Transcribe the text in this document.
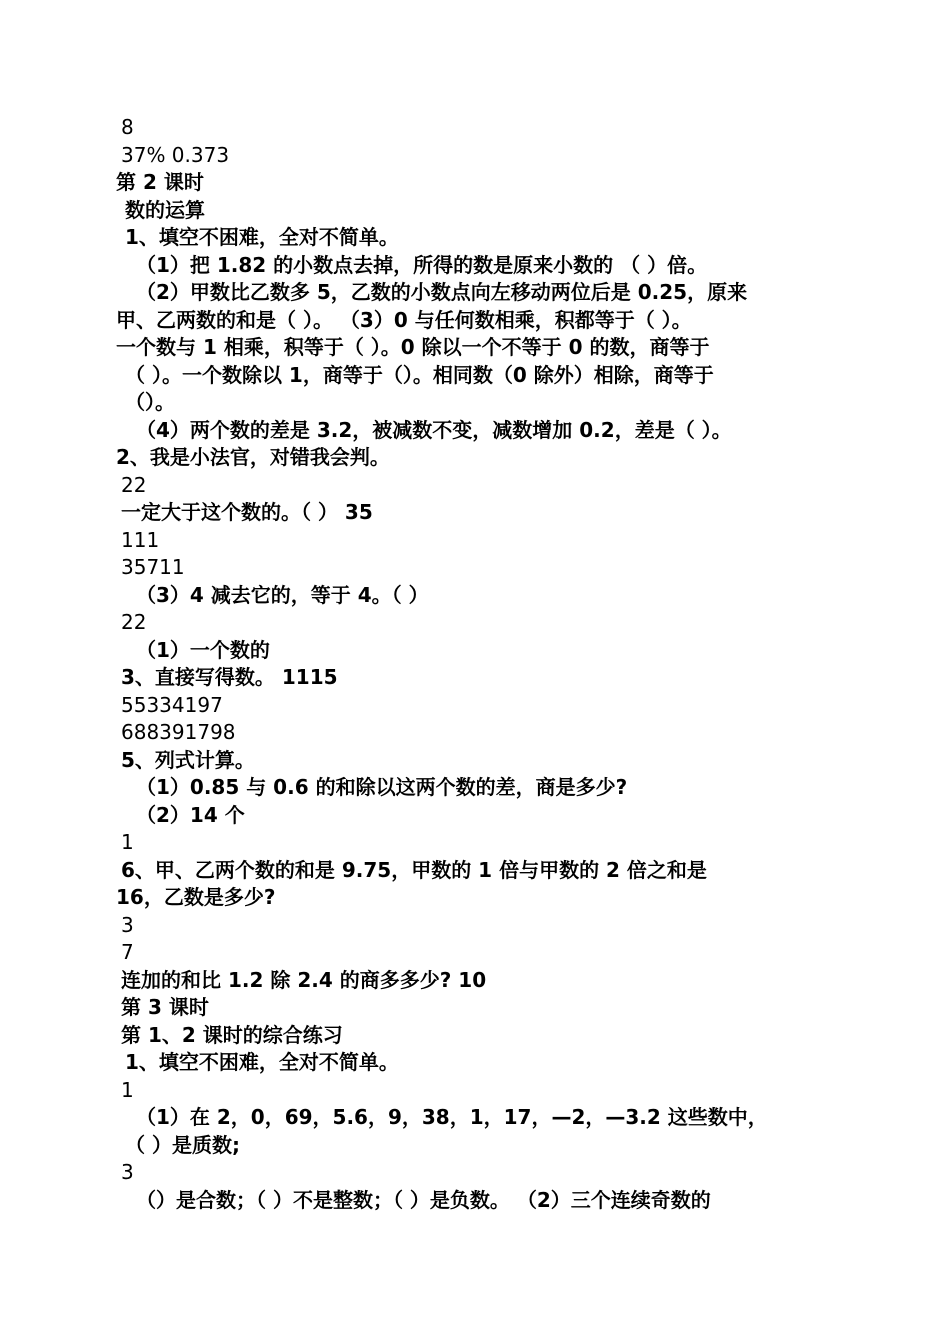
8
37% 0.373
第 2 课时
数的运算
1、填空不困难，全对不简单。
（1）把 1.82 的小数点去掉，所得的数是原来小数的 （ ）倍。
（2）甲数比乙数多 5，乙数的小数点向左移动两位后是 0.25，原来
甲、乙两数的和是（ ）。 （3）0 与任何数相乘，积都等于（ ）。
一个数与 1 相乘，积等于（ ）。0 除以一个不等于 0 的数，商等于
（ ）。一个数除以 1，商等于（）。相同数（0 除外）相除，商等于
（）。
（4）两个数的差是 3.2，被减数不变，减数增加 0.2，差是（ ）。
2、我是小法官，对错我会判。
22
一定大于这个数的。（ ） 35
111
35711
（3）4 减去它的，等于 4。（ ）
22
（1）一个数的
3、直接写得数。 1115
55334197
688391798
5、列式计算。
（1）0.85 与 0.6 的和除以这两个数的差，商是多少?
（2）14 个
1
6、甲、乙两个数的和是 9.75，甲数的 1 倍与甲数的 2 倍之和是
16，乙数是多少?
3
7
连加的和比 1.2 除 2.4 的商多多少? 10
第 3 课时
第 1、2 课时的综合练习
1、填空不困难，全对不简单。
1
（1）在 2，0，69，5.6，9，38，1，17，—2，—3.2 这些数中，
（ ）是质数;
3
（）是合数；（ ）不是整数；（ ）是负数。 （2）三个连续奇数的
